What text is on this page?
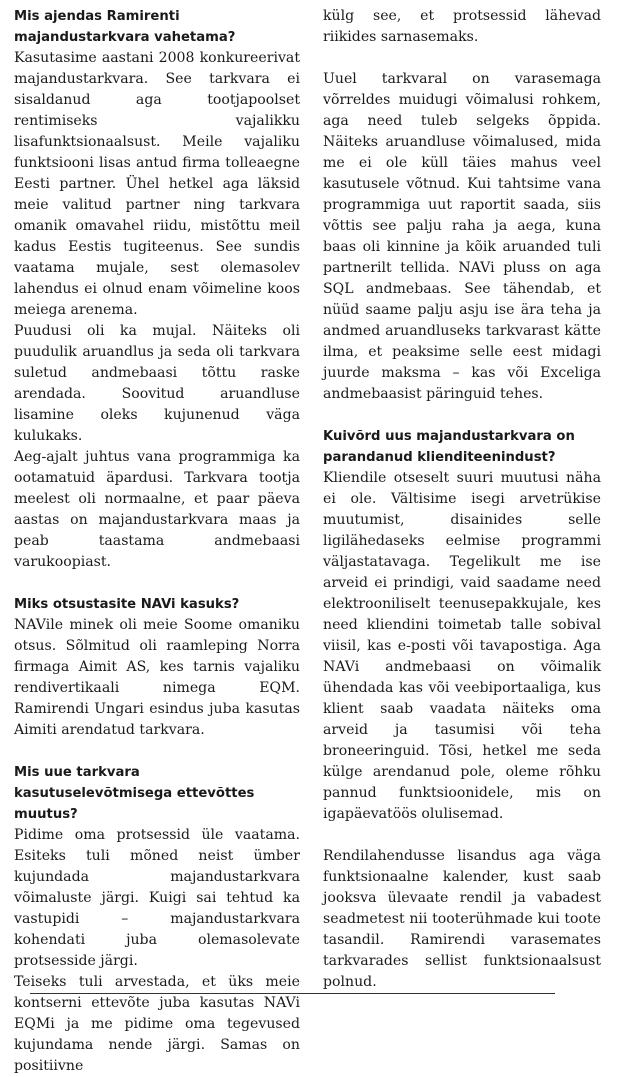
Mis ajendas Ramirenti majandustarkvara vahetama?

Kasutasime aastani 2008 konkureerivat majandustarkvara. See tarkvara ei sisaldanud aga tootjapoolset rentimiseks vajalikku lisafunktsionaalsust. Meile vajaliku funktsiooni lisas antud firma tolleaegne Eesti partner. Ühel hetkel aga läksid meie valitud partner ning tarkvara omanik omavahel riidu, mistõttu meil kadus Eestis tugiteenus. See sundis vaatama mujale, sest olemasolev lahendus ei olnud enam võimeline koos meiega arenema.

Puudusi oli ka mujal. Näiteks oli puudulik aruandlus ja seda oli tarkvara suletud andmebaasi tõttu raske arendada. Soovitud aruandluse lisamine oleks kujunenud väga kulukaks.

Aeg-ajalt juhtus vana programmiga ka ootamatuid äpardusi. Tarkvara tootja meelest oli normaalne, et paar päeva aastas on majandustarkvara maas ja peab taastama andmebaasi varukoopiast.

Miks otsustasite NAVi kasuks?

NAVile minek oli meie Soome omaniku otsus. Sõlmitud oli raamleping Norra firmaga Aimit AS, kes tarnis vajaliku rendivertikaali nimega EQM. Ramirendi Ungari esindus juba kasutas Aimiti arendatud tarkvara.

Mis uue tarkvara kasutuselevõtmisega ettevõttes muutus?

Pidime oma protsessid üle vaatama. Esiteks tuli mõned neist ümber kujundada majandustarkvara võimaluste järgi. Kuigi sai tehtud ka vastupidi – majandustarkvara kohendati juba olemasolevate protsesside järgi.

Teiseks tuli arvestada, et üks meie kontserni ettevõte juba kasutas NAVi EQMi ja me pidime oma tegevused kujundama nende järgi. Samas on positiivne

külg see, et protsessid lähevad riikides sarnasemaks.

Uuel tarkvaral on varasemaga võrreldes muidugi võimalusi rohkem, aga need tuleb selgeks õppida. Näiteks aruandluse võimalused, mida me ei ole küll täies mahus veel kasutusele võtnud. Kui tahtsime vana programmiga uut raportit saada, siis võttis see palju raha ja aega, kuna baas oli kinnine ja kõik aruanded tuli partnerilt tellida. NAVi pluss on aga SQL andmebaas. See tähendab, et nüüd saame palju asju ise ära teha ja andmed aruandluseks tarkvarast kätte ilma, et peaksime selle eest midagi juurde maksma – kas või Exceliga andmebaasist päringuid tehes.

Kuivõrd uus majandustarkvara on parandanud klienditeenindust?

Kliendile otseselt suuri muutusi näha ei ole. Vältisime isegi arvetrükise muutumist, disainides selle ligilähedaseks eelmise programmi väljastatavaga. Tegelikult me ise arveid ei prindigi, vaid saadame need elektrooniliselt teenusepakkujale, kes need kliendini toimetab talle sobival viisil, kas e-posti või tavapostiga. Aga NAVi andmebaasi on võimalik ühendada kas või veebiportaaliga, kus klient saab vaadata näiteks oma arveid ja tasumisi või teha broneeringuid. Tõsi, hetkel me seda külge arendanud pole, oleme rõhku pannud funktsioonidele, mis on igapäevatöös olulisemad.

Rendilahendusse lisandus aga väga funktsionaalne kalender, kust saab jooksva ülevaate rendil ja vabadest seadmetest nii tooterühmade kui toote tasandil. Ramirendi varasemates tarkvarades sellist funktsionaalsust polnud.
